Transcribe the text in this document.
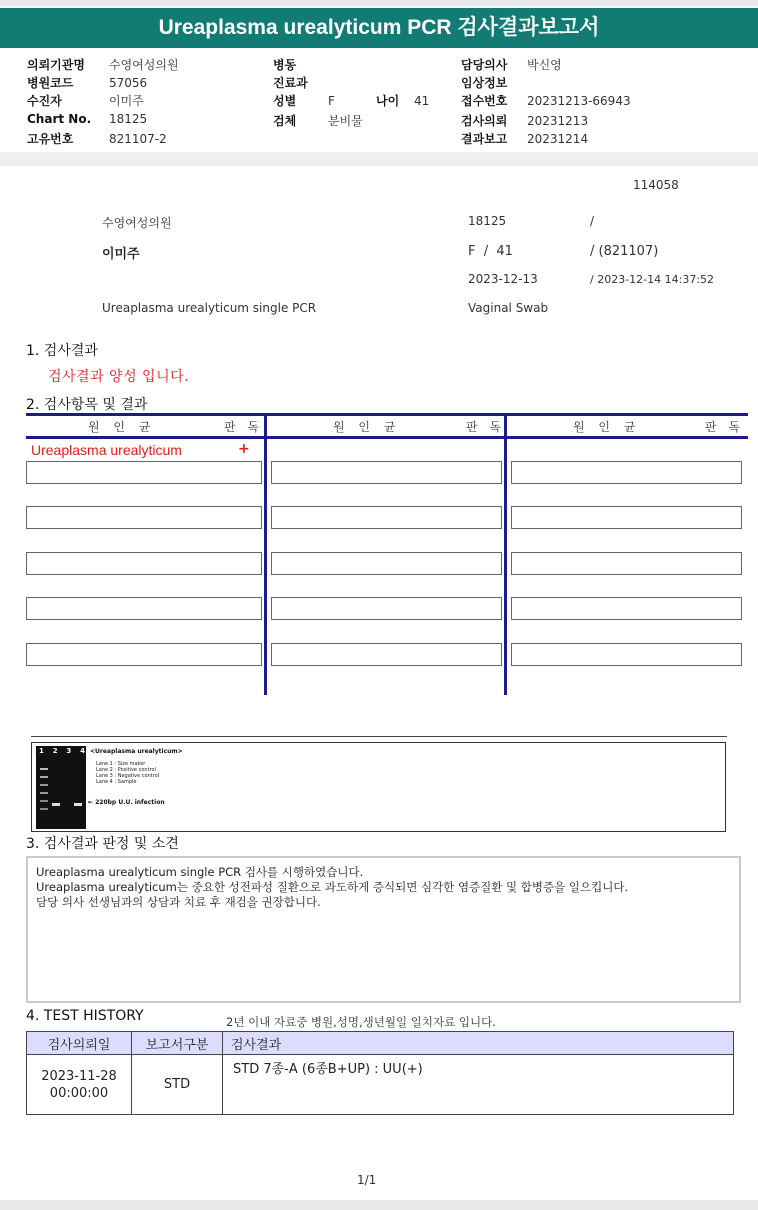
Ureaplasma urealyticum PCR 검사결과보고서
의뢰기관명 수영여성의원
병원코드	57056
수진자	이미주
Chart No. 18125
고유번호	821107-2
병동
진료과
성별	F	나이 41
검체	분비물
담당의사 박신영
임상정보
접수번호 20231213-66943
검사의뢰 20231213
결과보고 20231214
114058
수영여성의원	18125	/
이미주	F  /  41	/ (821107)
2023-12-13	/ 2023-12-14 14:37:52
Ureaplasma urealyticum single PCR	Vaginal Swab
1. 검사결과
검사결과 양성 입니다.
2. 검사항목 및 결과
원 인 균	판 독	원 인 균	판 독	원 인 균	판 독
Ureaplasma urealyticum	+
1 2 3 4 <Ureaplasma urealyticum>
Lane 1 : Size maker
Lane 2 : Positive control
Lane 3 : Negative control
Lane 4 : Sample
← 220bp U.U. infection
3. 검사결과 판정 및 소견
Ureaplasma urealyticum single PCR 검사를 시행하였습니다.
Ureaplasma urealyticum는 중요한 성전파성 질환으로 과도하게 증식되면 심각한 염증질환 및 합병증을 일으킵니다.
담당 의사 선생님과의 상담과 치료 후 재검을 권장합니다.
4. TEST HISTORY	2년 이내 자료중 병원,성명,생년월일 일치자료 입니다.
검사의뢰일	보고서구분	검사결과

2023-11-28
00:00:00	STD	STD 7종-A (6종B+UP) : UU(+)
1/1
